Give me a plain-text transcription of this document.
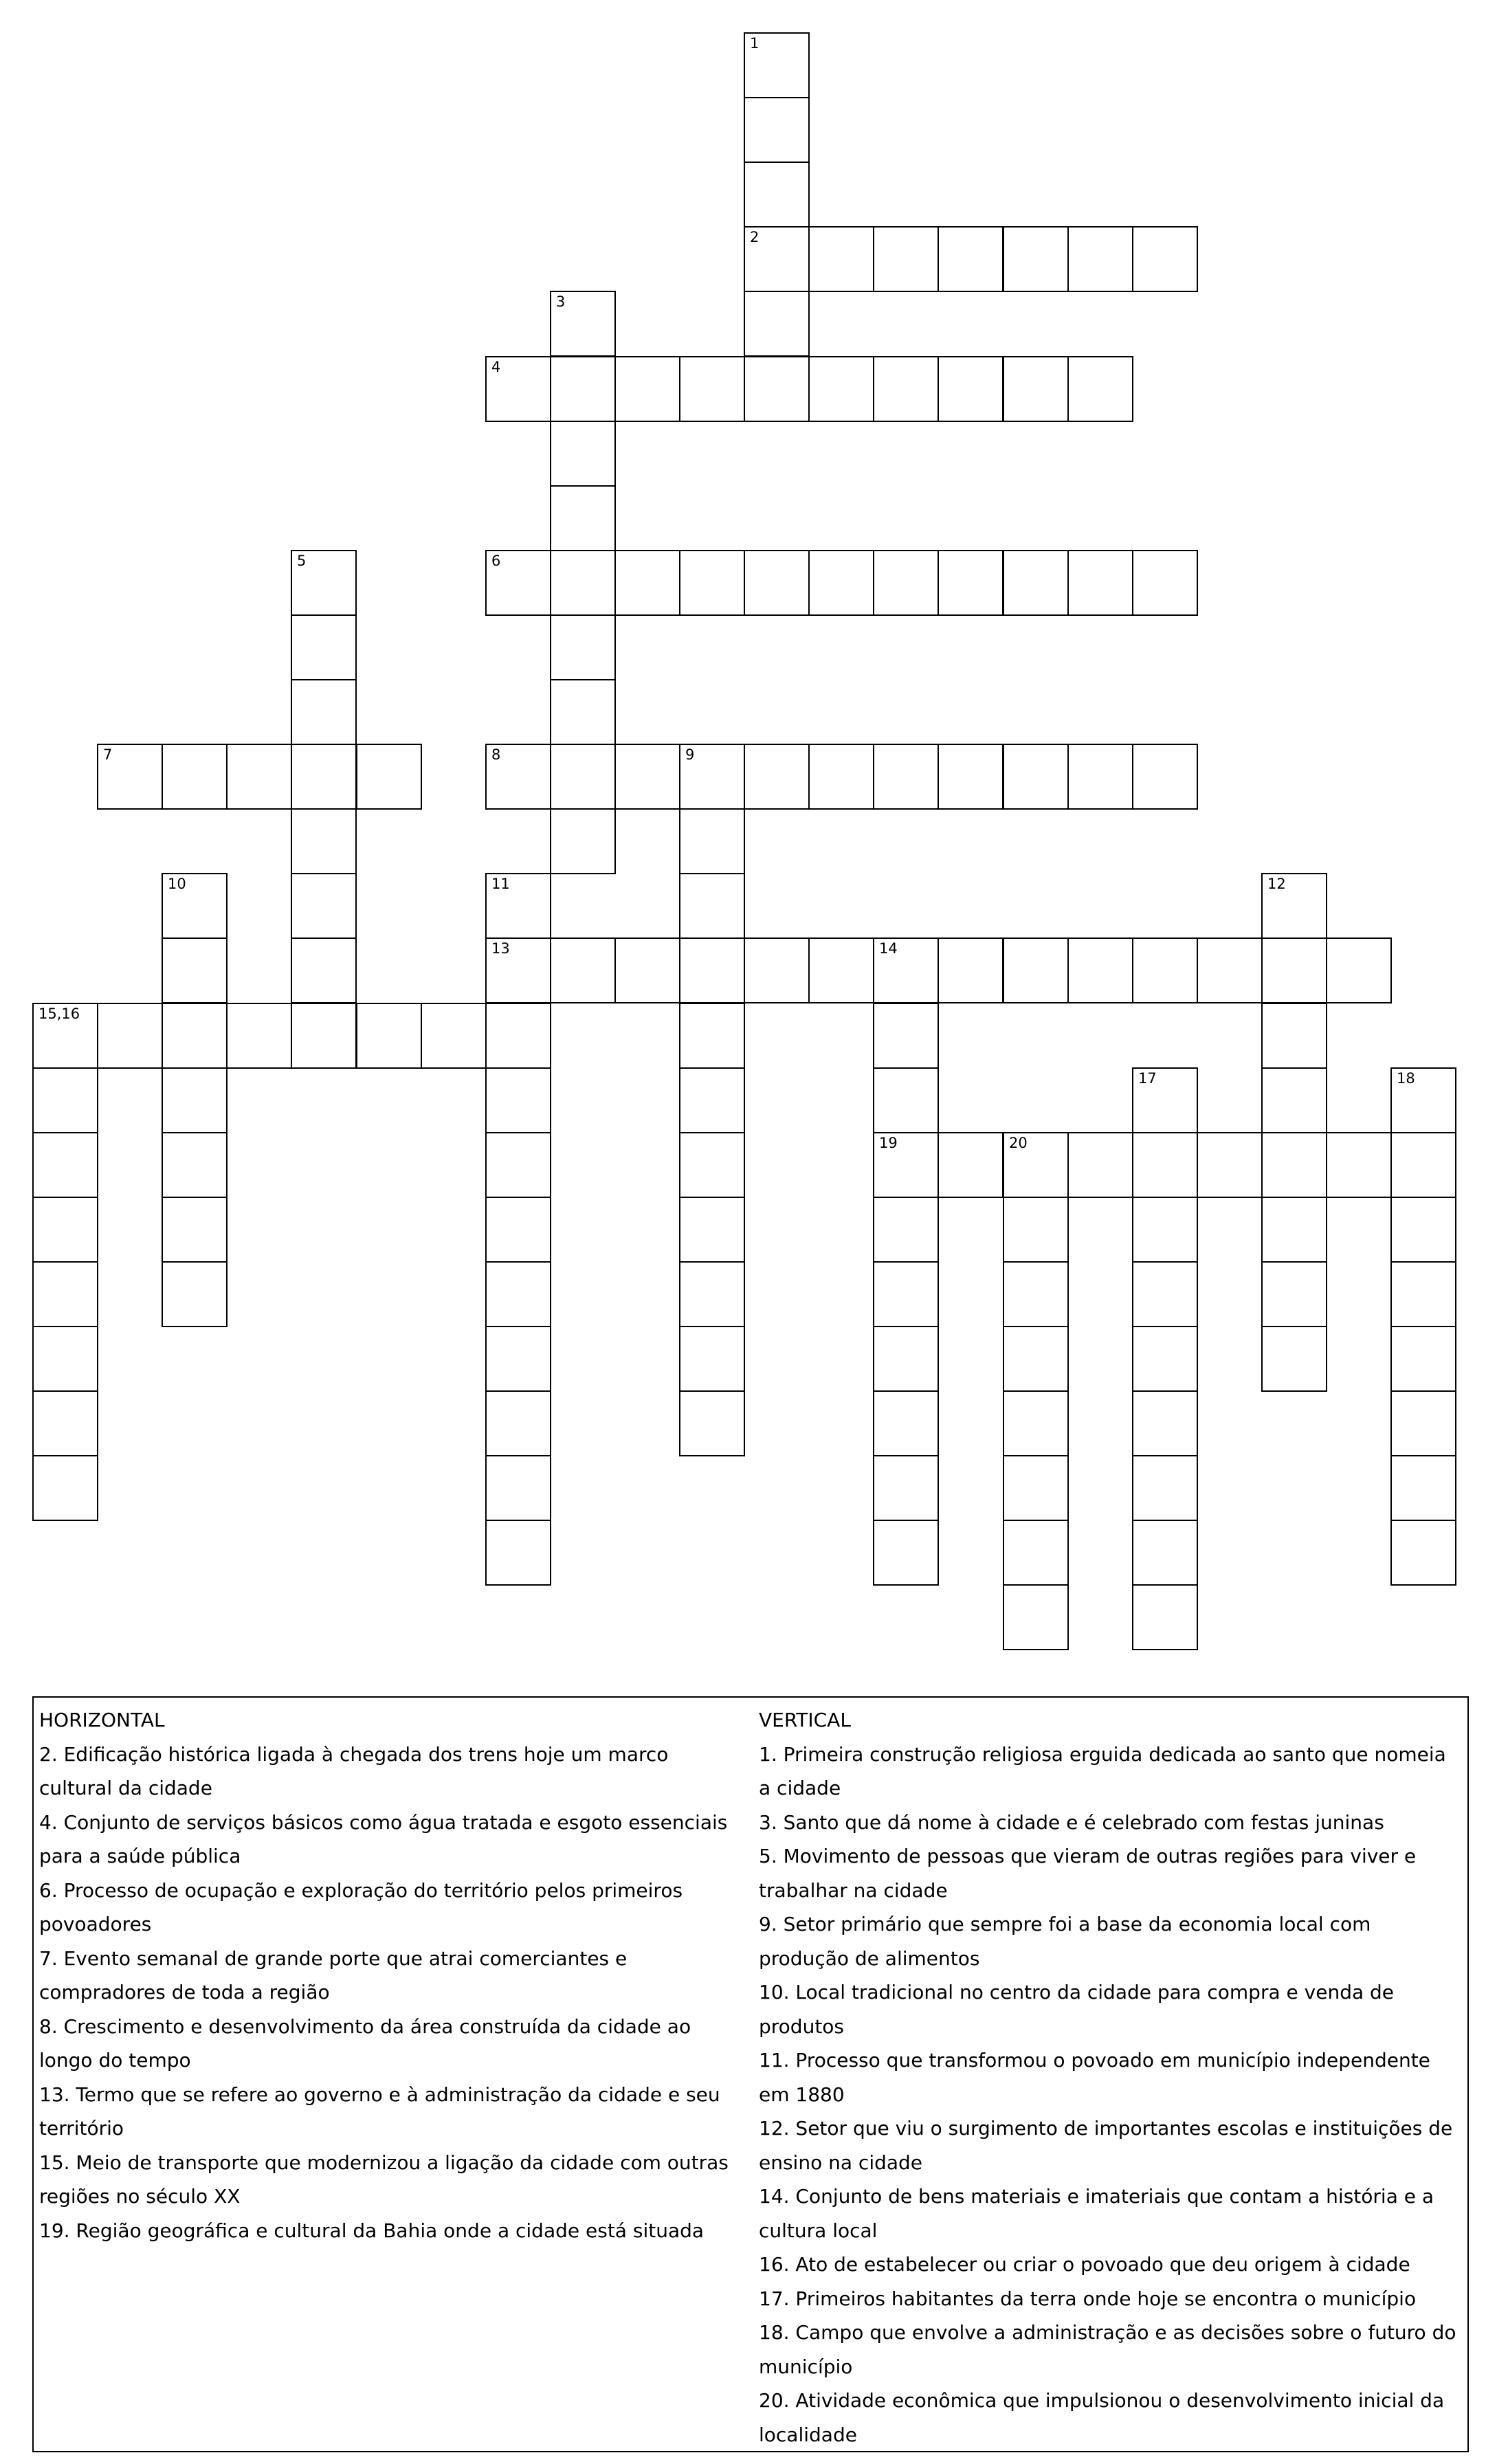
1
2
3
4
5	6
7	8	9
10	11	12
13	14
15,16
17	18
19	20
HORIZONTAL
2. Edificação histórica ligada à chegada dos trens hoje um marco cultural da cidade
4. Conjunto de serviços básicos como água tratada e esgoto essenciais para a saúde pública
6. Processo de ocupação e exploração do território pelos primeiros povoadores
7. Evento semanal de grande porte que atrai comerciantes e compradores de toda a região
8. Crescimento e desenvolvimento da área construída da cidade ao longo do tempo
13. Termo que se refere ao governo e à administração da cidade e seu território
15. Meio de transporte que modernizou a ligação da cidade com outras regiões no século XX
19. Região geográfica e cultural da Bahia onde a cidade está situada
VERTICAL
1. Primeira construção religiosa erguida dedicada ao santo que nomeia a cidade
3. Santo que dá nome à cidade e é celebrado com festas juninas
5. Movimento de pessoas que vieram de outras regiões para viver e trabalhar na cidade
9. Setor primário que sempre foi a base da economia local com produção de alimentos
10. Local tradicional no centro da cidade para compra e venda de produtos
11. Processo que transformou o povoado em município independente em 1880
12. Setor que viu o surgimento de importantes escolas e instituições de ensino na cidade
14. Conjunto de bens materiais e imateriais que contam a história e a cultura local
16. Ato de estabelecer ou criar o povoado que deu origem à cidade
17. Primeiros habitantes da terra onde hoje se encontra o município
18. Campo que envolve a administração e as decisões sobre o futuro do município
20. Atividade econômica que impulsionou o desenvolvimento inicial da localidade
